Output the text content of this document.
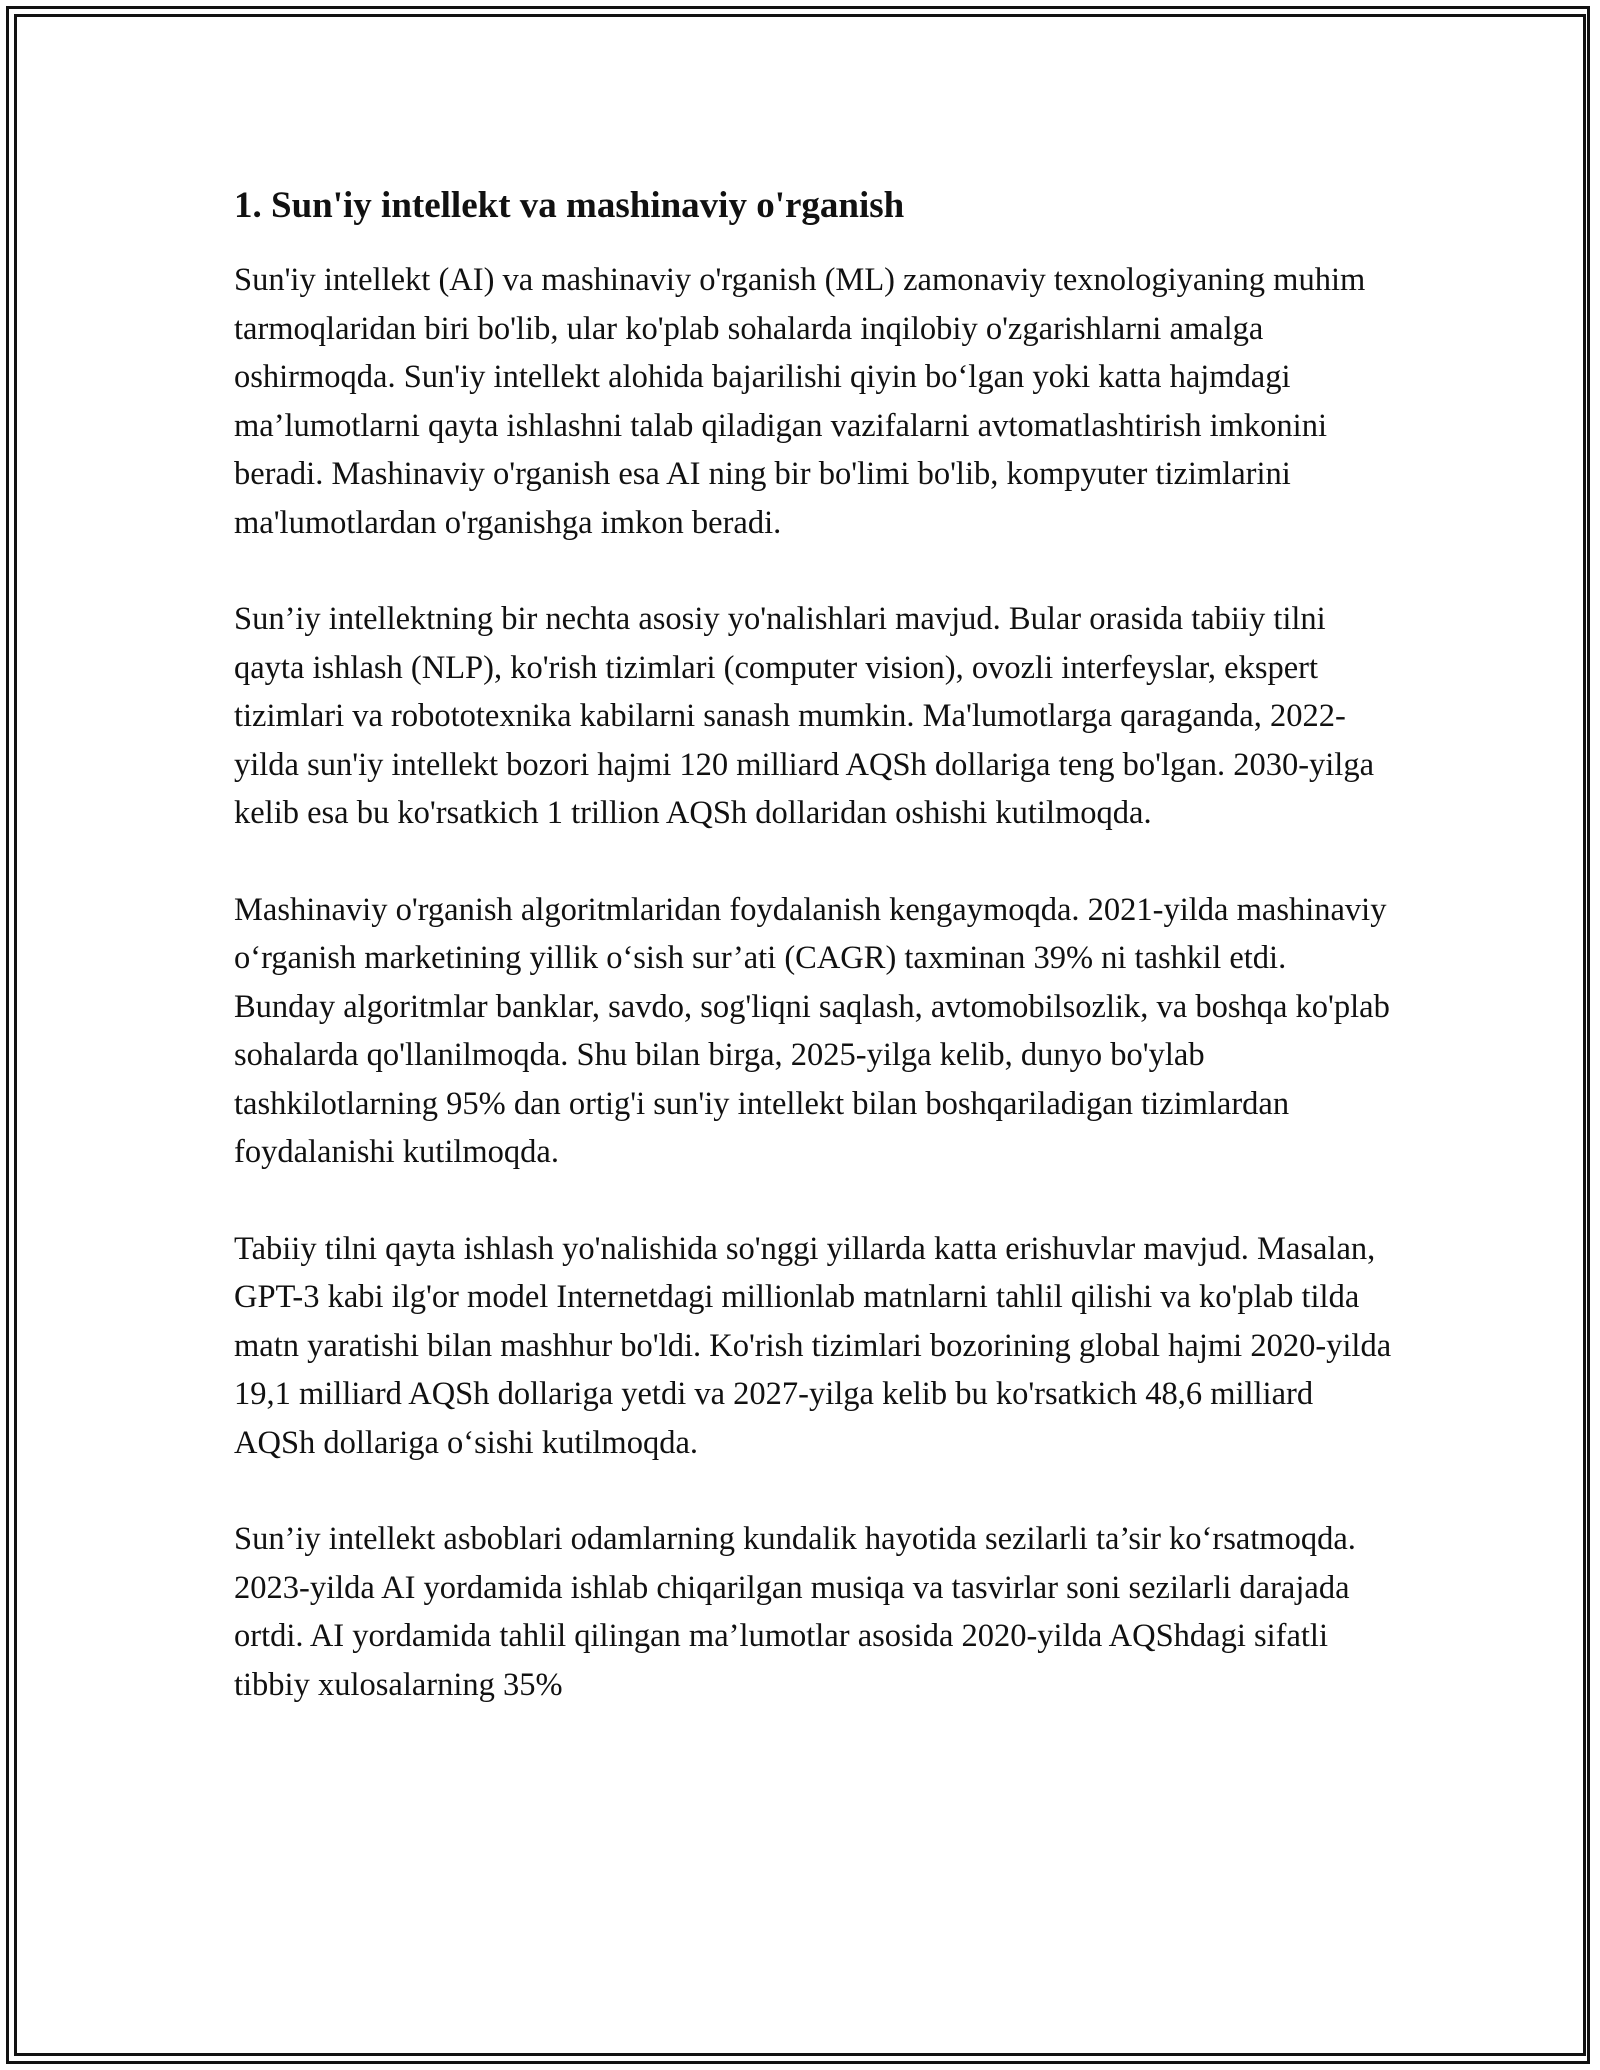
1. Sun'iy intellekt va mashinaviy o'rganish

Sun'iy intellekt (AI) va mashinaviy o'rganish (ML) zamonaviy texnologiyaning muhim tarmoqlaridan biri bo'lib, ular ko'plab sohalarda inqilobiy o'zgarishlarni amalga oshirmoqda. Sun'iy intellekt alohida bajarilishi qiyin bo‘lgan yoki katta hajmdagi ma’lumotlarni qayta ishlashni talab qiladigan vazifalarni avtomatlashtirish imkonini beradi. Mashinaviy o'rganish esa AI ning bir bo'limi bo'lib, kompyuter tizimlarini ma'lumotlardan o'rganishga imkon beradi.

Sun’iy intellektning bir nechta asosiy yo'nalishlari mavjud. Bular orasida tabiiy tilni qayta ishlash (NLP), ko'rish tizimlari (computer vision), ovozli interfeyslar, ekspert tizimlari va robototexnika kabilarni sanash mumkin. Ma'lumotlarga qaraganda, 2022-yilda sun'iy intellekt bozori hajmi 120 milliard AQSh dollariga teng bo'lgan. 2030-yilga kelib esa bu ko'rsatkich 1 trillion AQSh dollaridan oshishi kutilmoqda.

Mashinaviy o'rganish algoritmlaridan foydalanish kengaymoqda. 2021-yilda mashinaviy o‘rganish marketining yillik o‘sish sur’ati (CAGR) taxminan 39% ni tashkil etdi. Bunday algoritmlar banklar, savdo, sog'liqni saqlash, avtomobilsozlik, va boshqa ko'plab sohalarda qo'llanilmoqda. Shu bilan birga, 2025-yilga kelib, dunyo bo'ylab tashkilotlarning 95% dan ortig'i sun'iy intellekt bilan boshqariladigan tizimlardan foydalanishi kutilmoqda.

Tabiiy tilni qayta ishlash yo'nalishida so'nggi yillarda katta erishuvlar mavjud. Masalan, GPT-3 kabi ilg'or model Internetdagi millionlab matnlarni tahlil qilishi va ko'plab tilda matn yaratishi bilan mashhur bo'ldi. Ko'rish tizimlari bozorining global hajmi 2020-yilda 19,1 milliard AQSh dollariga yetdi va 2027-yilga kelib bu ko'rsatkich 48,6 milliard AQSh dollariga o‘sishi kutilmoqda.

Sun’iy intellekt asboblari odamlarning kundalik hayotida sezilarli ta’sir ko‘rsatmoqda. 2023-yilda AI yordamida ishlab chiqarilgan musiqa va tasvirlar soni sezilarli darajada ortdi. AI yordamida tahlil qilingan ma’lumotlar asosida 2020-yilda AQShdagi sifatli tibbiy xulosalarning 35%
